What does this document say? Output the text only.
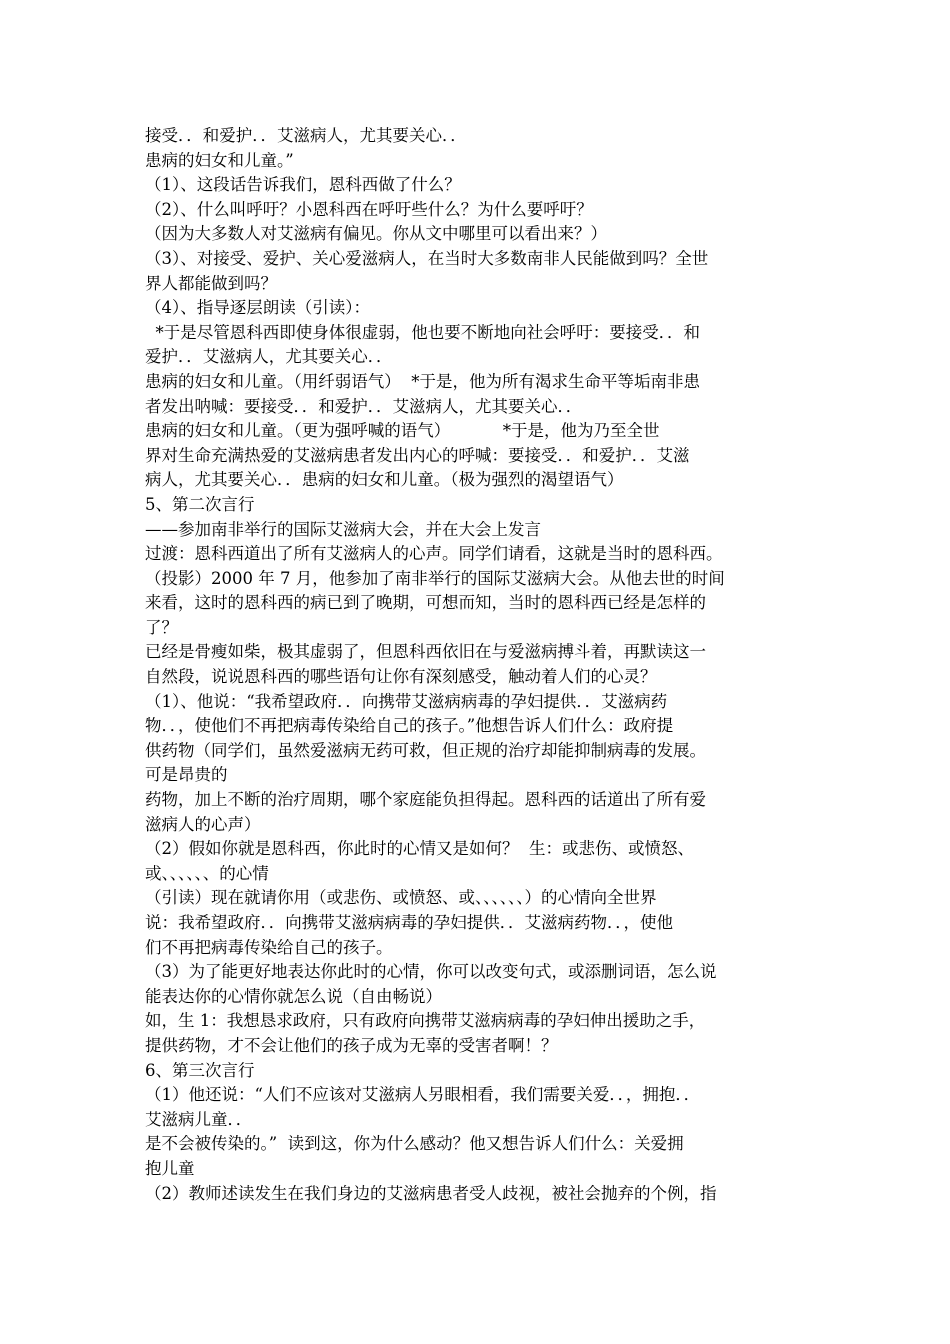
接受．．和爱护．．艾滋病人，尤其要关心．．
患病的妇女和儿童。”
（1）、这段话告诉我们，恩科西做了什么？
（2）、什么叫呼吁？小恩科西在呼吁些什么？为什么要呼吁？
（因为大多数人对艾滋病有偏见。你从文中哪里可以看出来？）
（3）、对接受、爱护、关心爱滋病人，在当时大多数南非人民能做到吗？全世
界人都能做到吗？
（4）、指导逐层朗读（引读）：
*于是尽管恩科西即使身体很虚弱，他也要不断地向社会呼吁：要接受．．和
爱护．．艾滋病人，尤其要关心．．
患病的妇女和儿童。（用纤弱语气）  *于是，他为所有渴求生命平等垢南非患
者发出呐喊：要接受．．和爱护．．艾滋病人，尤其要关心．．
患病的妇女和儿童。（更为强呼喊的语气）          *于是，他为乃至全世
界对生命充满热爱的艾滋病患者发出内心的呼喊：要接受．．和爱护．．艾滋
病人，尤其要关心．．患病的妇女和儿童。（极为强烈的渴望语气）
5、第二次言行
——参加南非举行的国际艾滋病大会，并在大会上发言
过渡：恩科西道出了所有艾滋病人的心声。同学们请看，这就是当时的恩科西。
（投影）2000 年 7 月，他参加了南非举行的国际艾滋病大会。从他去世的时间
来看，这时的恩科西的病已到了晚期，可想而知，当时的恩科西已经是怎样的
了？
已经是骨瘦如柴，极其虚弱了，但恩科西依旧在与爱滋病搏斗着，再默读这一
自然段，说说恩科西的哪些语句让你有深刻感受，触动着人们的心灵？
（1）、他说：“我希望政府．．向携带艾滋病病毒的孕妇提供．．艾滋病药
物．．，使他们不再把病毒传染给自己的孩子。”他想告诉人们什么：政府提
供药物（同学们，虽然爱滋病无药可救，但正规的治疗却能抑制病毒的发展。
可是昂贵的
药物，加上不断的治疗周期，哪个家庭能负担得起。恩科西的话道出了所有爱
滋病人的心声）
（2）假如你就是恩科西，你此时的心情又是如何？  生：或悲伤、或愤怒、
或、、、、、、的心情
（引读）现在就请你用（或悲伤、或愤怒、或、、、、、、）的心情向全世界
说：我希望政府．．向携带艾滋病病毒的孕妇提供．．艾滋病药物．．，使他
们不再把病毒传染给自己的孩子。
（3）为了能更好地表达你此时的心情，你可以改变句式，或添删词语，怎么说
能表达你的心情你就怎么说（自由畅说）
如，生 1：我想恳求政府，只有政府向携带艾滋病病毒的孕妇伸出援助之手，
提供药物，才不会让他们的孩子成为无辜的受害者啊！？
6、第三次言行
（1）他还说：“人们不应该对艾滋病人另眼相看，我们需要关爱．．，拥抱．．
艾滋病儿童．．
是不会被传染的。”  读到这，你为什么感动？他又想告诉人们什么：关爱拥
抱儿童
（2）教师述读发生在我们身边的艾滋病患者受人歧视，被社会抛弃的个例，指
